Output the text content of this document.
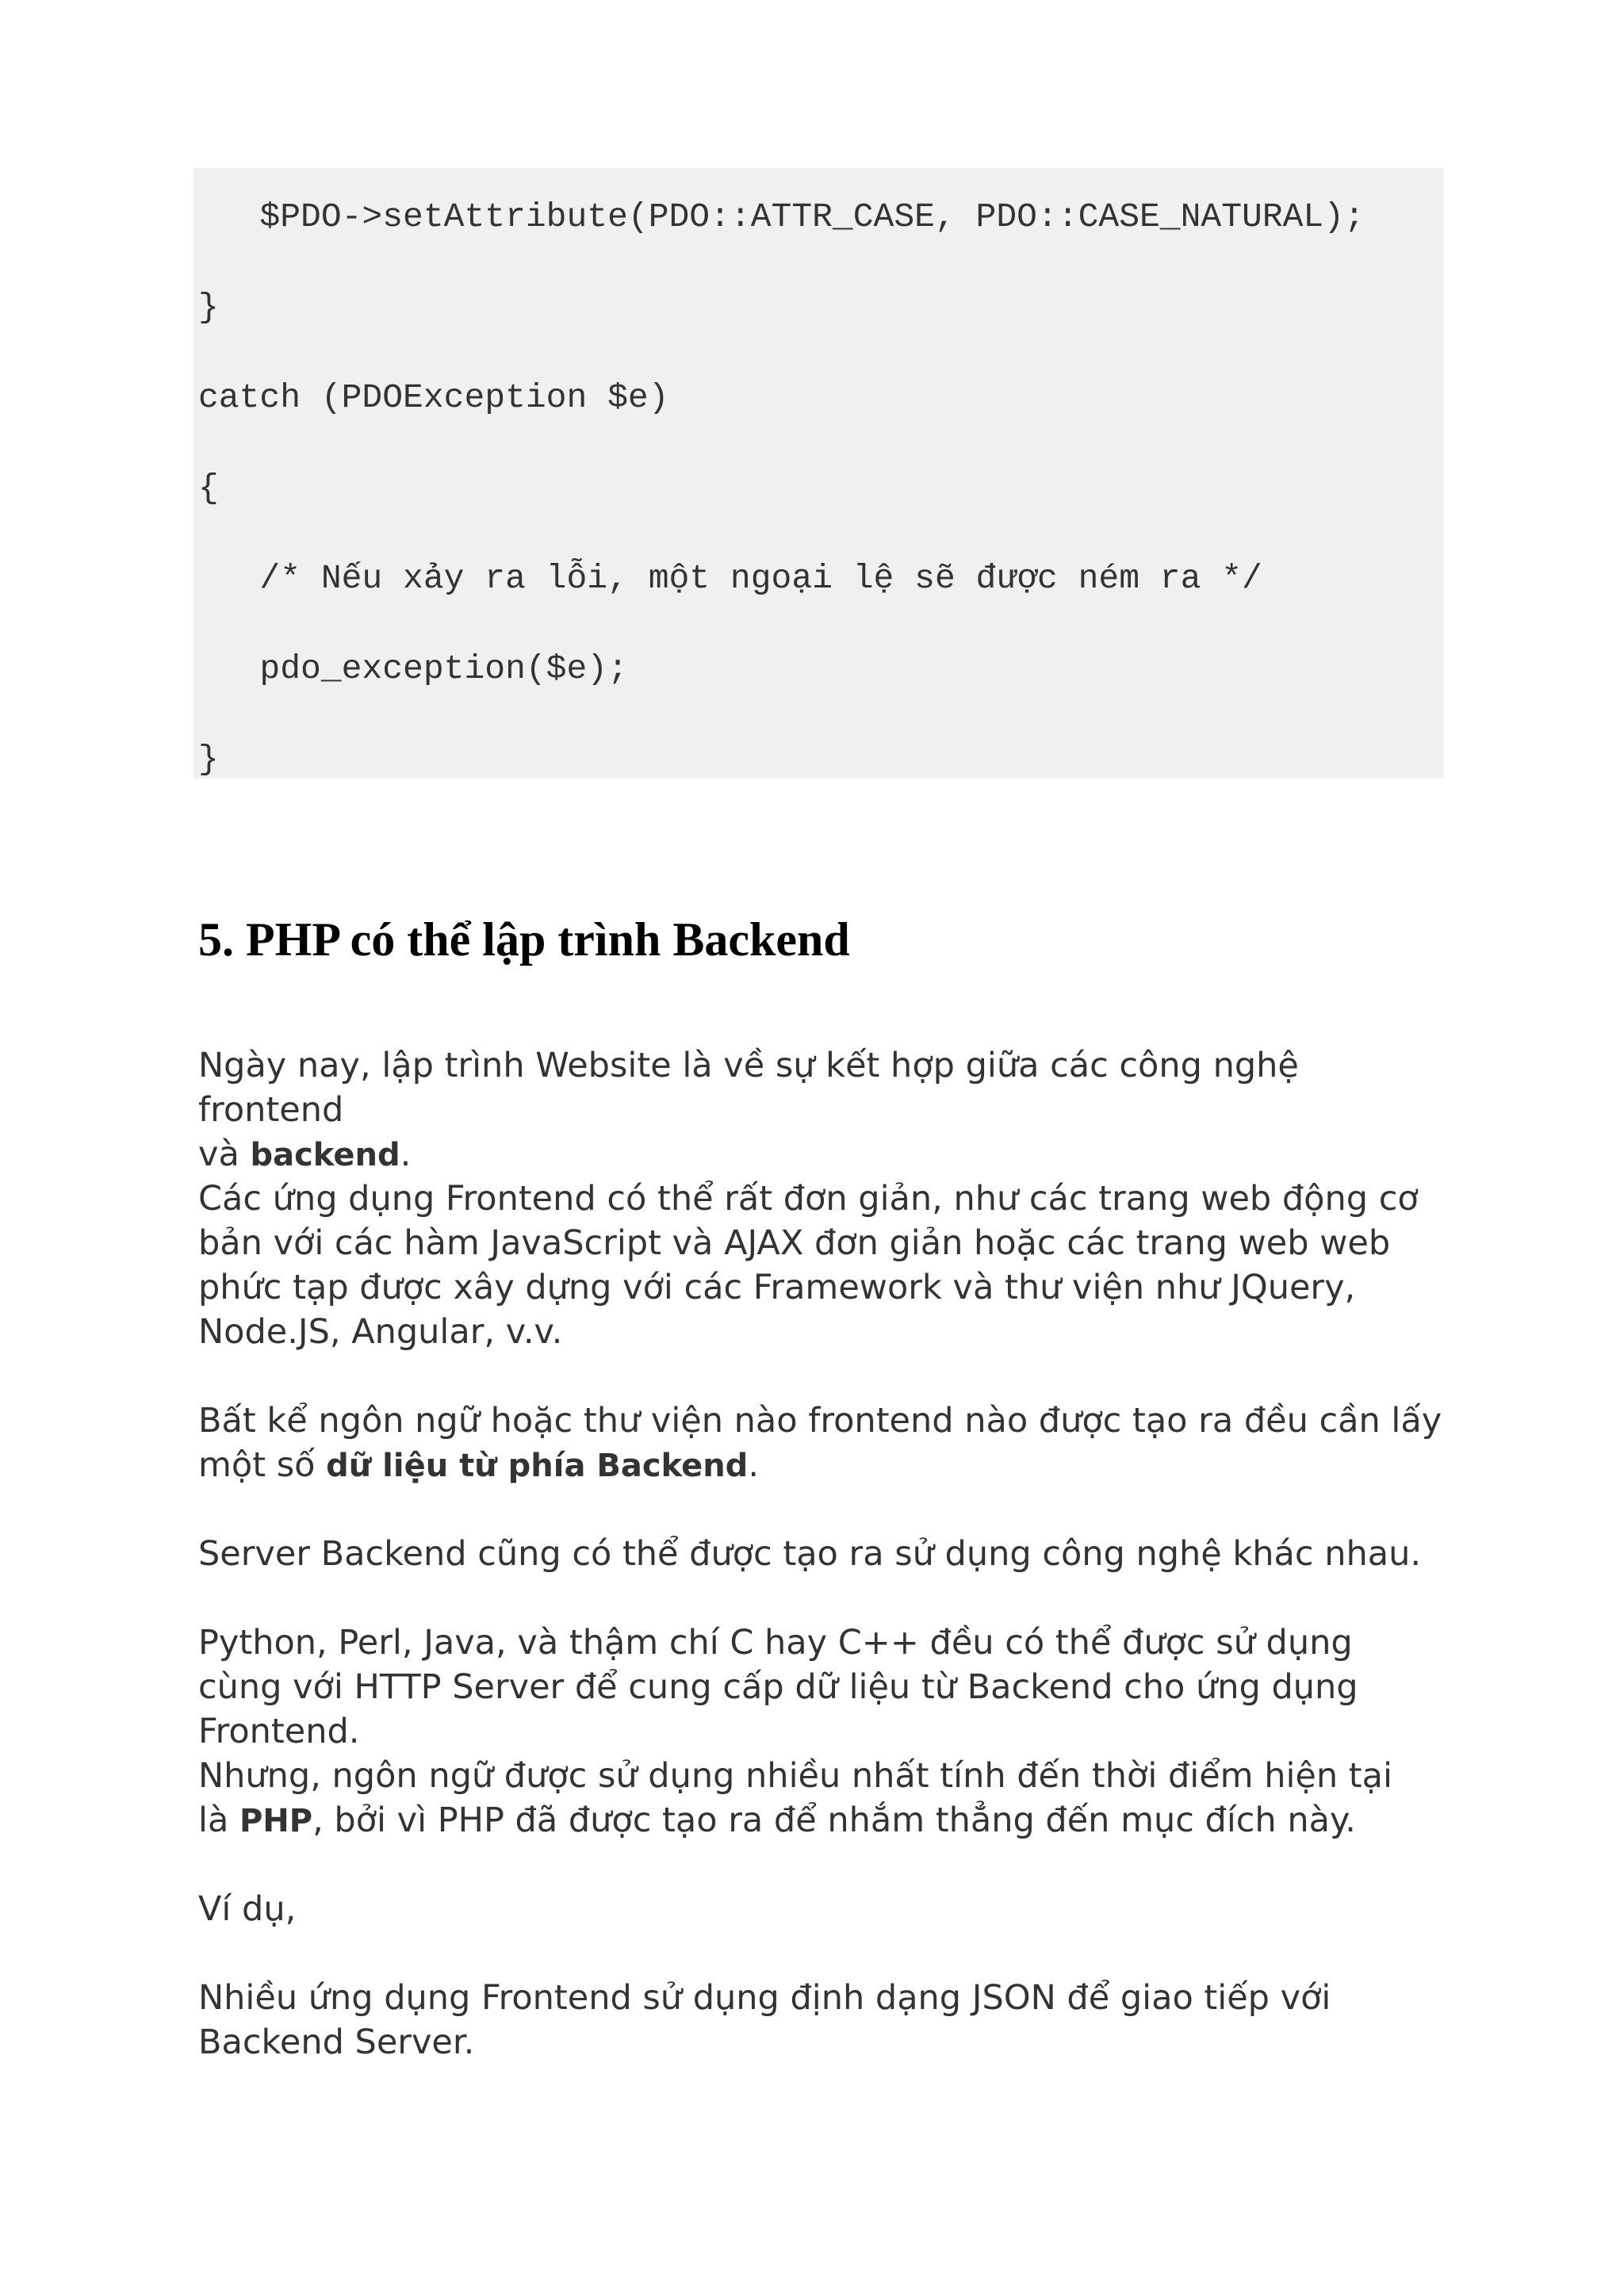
$PDO->setAttribute(PDO::ATTR_CASE, PDO::CASE_NATURAL);
}
catch (PDOException $e)
{
/* Nếu xảy ra lỗi, một ngoại lệ sẽ được ném ra */
pdo_exception($e);
}
5. PHP có thể lập trình Backend

Ngày nay, lập trình Website là về sự kết hợp giữa các công nghệ frontend
và backend.

Các ứng dụng Frontend có thể rất đơn giản, như các trang web động cơ bản với các hàm JavaScript và AJAX đơn giản hoặc các trang web web phức tạp được xây dựng với các Framework và thư viện như JQuery, Node.JS, Angular, v.v.

Bất kể ngôn ngữ hoặc thư viện nào frontend nào được tạo ra đều cần lấy
một số dữ liệu từ phía Backend.

Server Backend cũng có thể được tạo ra sử dụng công nghệ khác nhau.

Python, Perl, Java, và thậm chí C hay C++ đều có thể được sử dụng cùng với HTTP Server để cung cấp dữ liệu từ Backend cho ứng dụng Frontend.

Nhưng, ngôn ngữ được sử dụng nhiều nhất tính đến thời điểm hiện tại
là PHP, bởi vì PHP đã được tạo ra để nhắm thẳng đến mục đích này.

Ví dụ,

Nhiều ứng dụng Frontend sử dụng định dạng JSON để giao tiếp với Backend Server.
